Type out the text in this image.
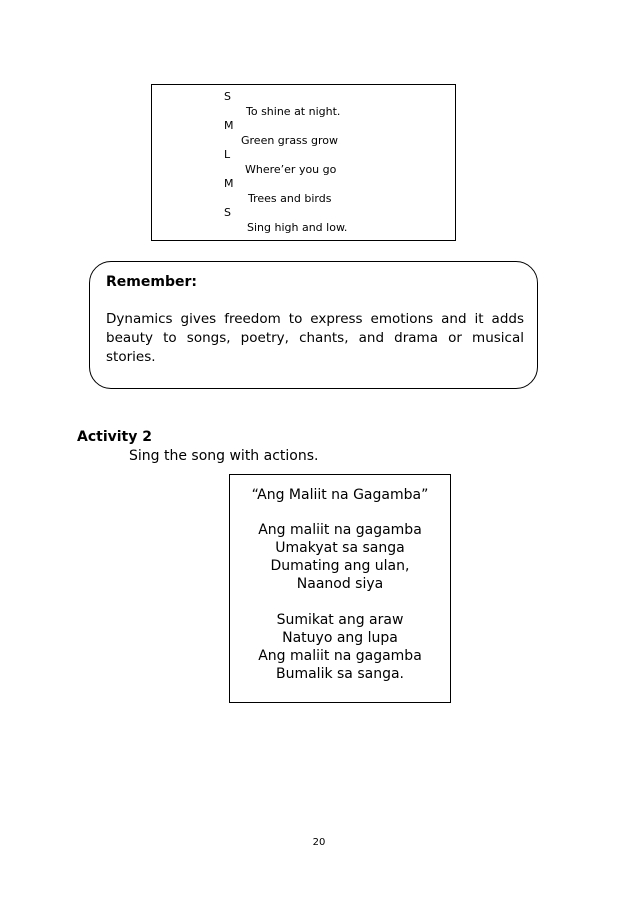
S
To shine at night.
M
Green grass grow
L
Where’er you go
M
Trees and birds
S
Sing high and low.
Remember:
Dynamics gives freedom to express emotions and it adds beauty to songs, poetry, chants, and drama or musical stories.
Activity 2
Sing the song with actions.
“Ang Maliit na Gagamba”
Ang maliit na gagamba
Umakyat sa sanga
Dumating ang ulan,
Naanod siya
Sumikat ang araw
Natuyo ang lupa
Ang maliit na gagamba
Bumalik sa sanga.
20
